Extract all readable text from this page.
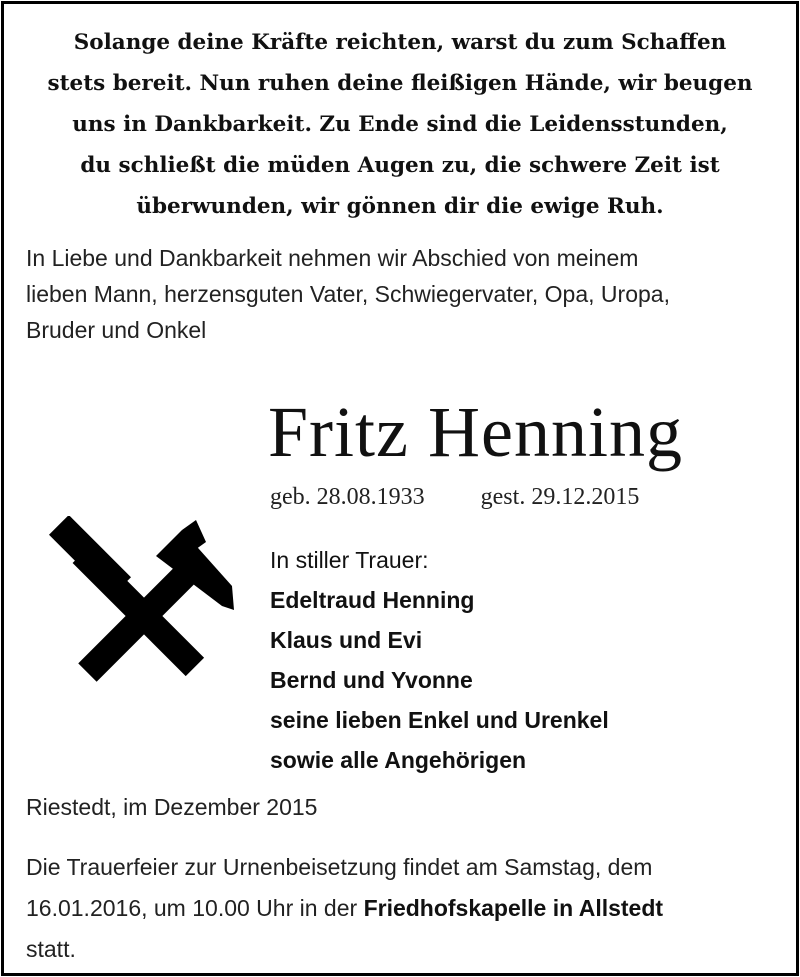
Solange deine Kräfte reichten, warst du zum Schaffen
stets bereit. Nun ruhen deine fleißigen Hände, wir beugen
uns in Dankbarkeit. Zu Ende sind die Leidensstunden,
du schließt die müden Augen zu, die schwere Zeit ist
überwunden, wir gönnen dir die ewige Ruh.
In Liebe und Dankbarkeit nehmen wir Abschied von meinem
lieben Mann, herzensguten Vater, Schwiegervater, Opa, Uropa,
Bruder und Onkel
Fritz Henning
geb. 28.08.1933 gest. 29.12.2015
In stiller Trauer:
Edeltraud Henning
Klaus und Evi
Bernd und Yvonne
seine lieben Enkel und Urenkel
sowie alle Angehörigen
Riestedt, im Dezember 2015
Die Trauerfeier zur Urnenbeisetzung findet am Samstag, dem
16.01.2016, um 10.00 Uhr in der Friedhofskapelle in Allstedt
statt.
